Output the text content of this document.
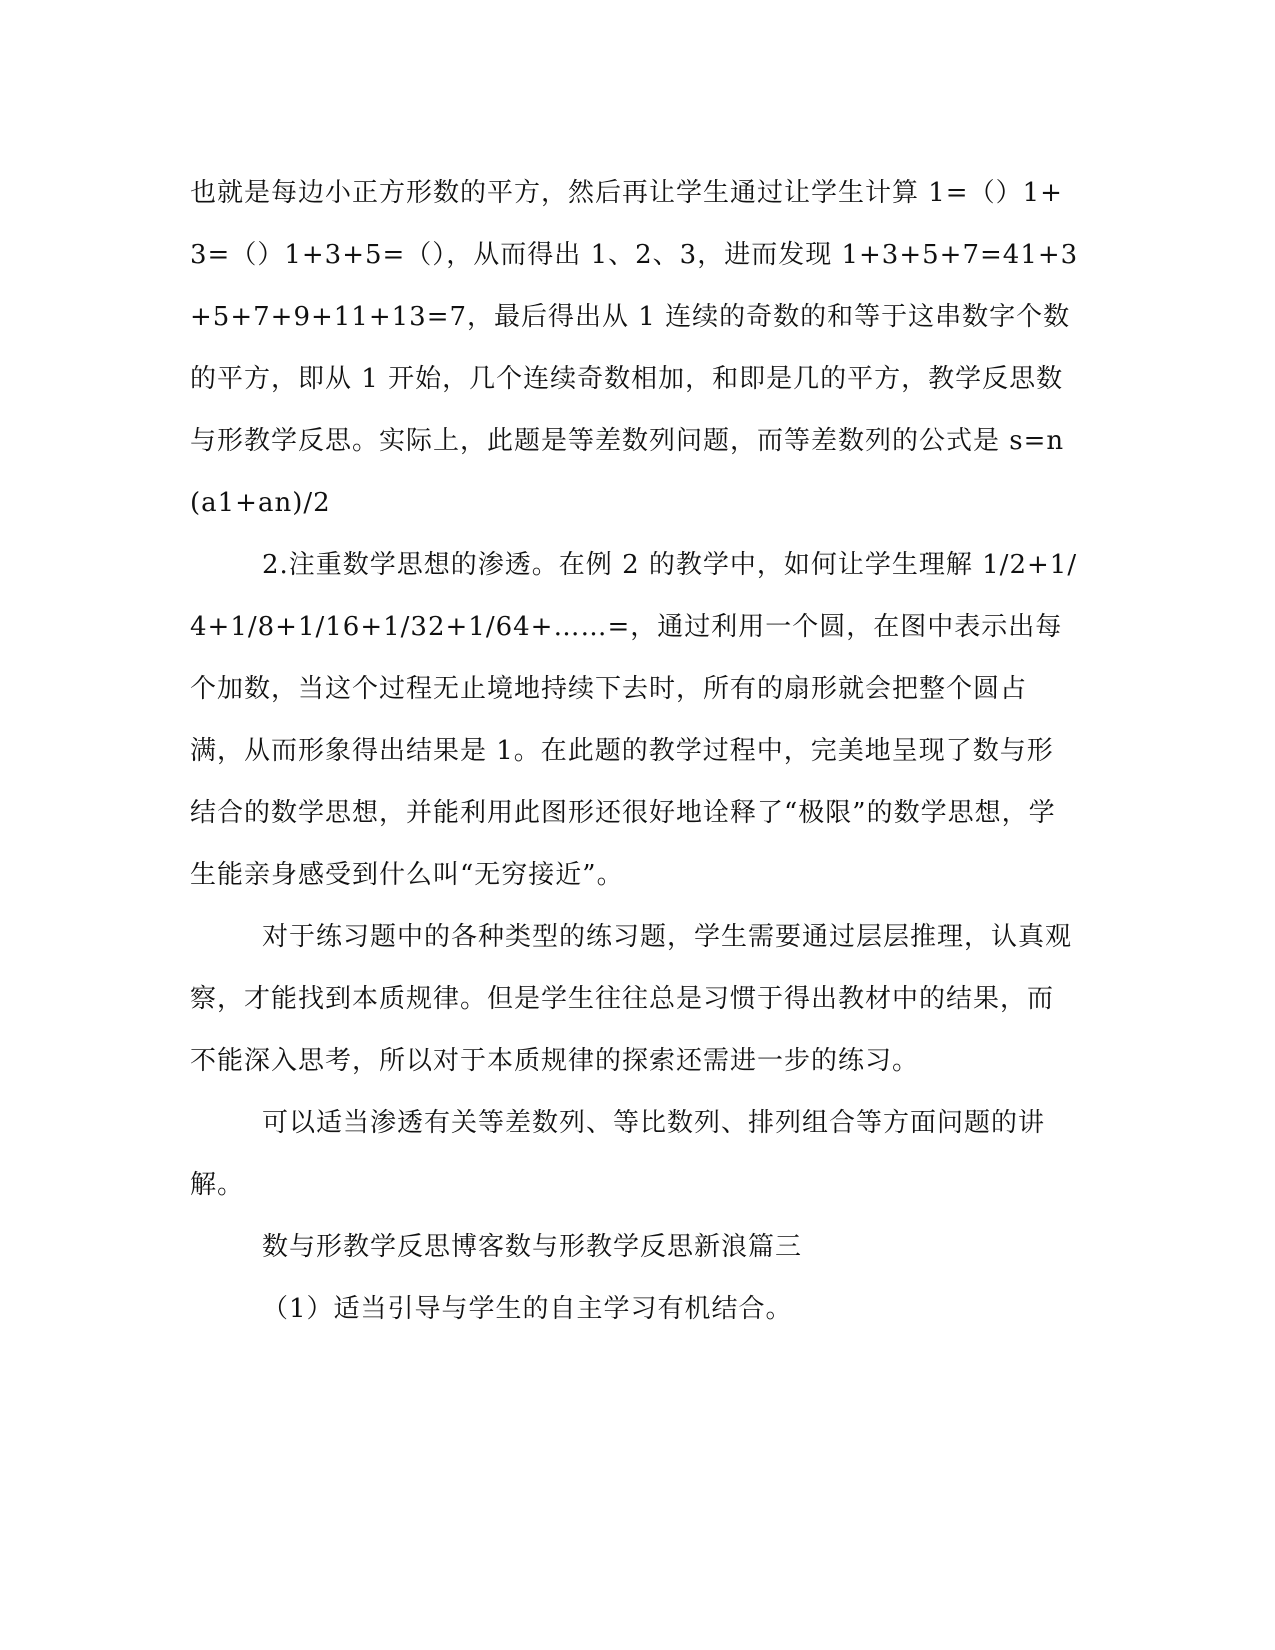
也就是每边小正方形数的平方，然后再让学生通过让学生计算 1=（）1+3=（）1+3+5=（），从而得出 1、2、3，进而发现 1+3+5+7=41+3+5+7+9+11+13=7，最后得出从 1 连续的奇数的和等于这串数字个数的平方，即从 1 开始，几个连续奇数相加，和即是几的平方，教学反思数与形教学反思。实际上，此题是等差数列问题，而等差数列的公式是 s=n(a1+an)/2

2.注重数学思想的渗透。在例 2 的教学中，如何让学生理解 1/2+1/4+1/8+1/16+1/32+1/64+……=，通过利用一个圆，在图中表示出每个加数，当这个过程无止境地持续下去时，所有的扇形就会把整个圆占满，从而形象得出结果是 1。在此题的教学过程中，完美地呈现了数与形结合的数学思想，并能利用此图形还很好地诠释了“极限”的数学思想，学生能亲身感受到什么叫“无穷接近”。

对于练习题中的各种类型的练习题，学生需要通过层层推理，认真观察，才能找到本质规律。但是学生往往总是习惯于得出教材中的结果，而不能深入思考，所以对于本质规律的探索还需进一步的练习。

可以适当渗透有关等差数列、等比数列、排列组合等方面问题的讲解。

数与形教学反思博客数与形教学反思新浪篇三

（1）适当引导与学生的自主学习有机结合。
